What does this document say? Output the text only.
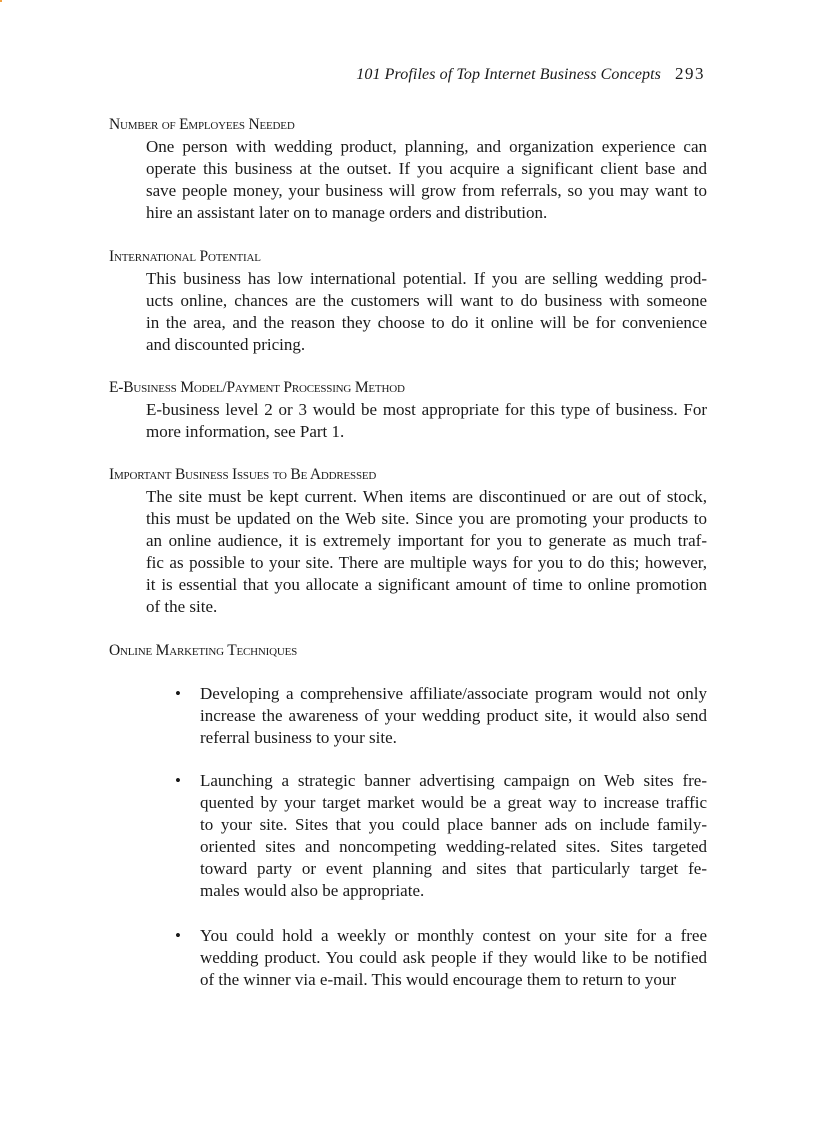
101 Profiles of Top Internet Business Concepts 293
Number of Employees Needed
One person with wedding product, planning, and organization experience can
operate this business at the outset. If you acquire a significant client base and
save people money, your business will grow from referrals, so you may want to
hire an assistant later on to manage orders and distribution.
International Potential
This business has low international potential. If you are selling wedding prod-
ucts online, chances are the customers will want to do business with someone
in the area, and the reason they choose to do it online will be for convenience
and discounted pricing.
E-Business Model/Payment Processing Method
E-business level 2 or 3 would be most appropriate for this type of business. For
more information, see Part 1.
Important Business Issues to Be Addressed
The site must be kept current. When items are discontinued or are out of stock,
this must be updated on the Web site. Since you are promoting your products to
an online audience, it is extremely important for you to generate as much traf-
fic as possible to your site. There are multiple ways for you to do this; however,
it is essential that you allocate a significant amount of time to online promotion
of the site.
Online Marketing Techniques
• Developing a comprehensive affiliate/associate program would not only
increase the awareness of your wedding product site, it would also send
referral business to your site.
• Launching a strategic banner advertising campaign on Web sites fre-
quented by your target market would be a great way to increase traffic
to your site. Sites that you could place banner ads on include family-
oriented sites and noncompeting wedding-related sites. Sites targeted
toward party or event planning and sites that particularly target fe-
males would also be appropriate.
• You could hold a weekly or monthly contest on your site for a free
wedding product. You could ask people if they would like to be notified
of the winner via e-mail. This would encourage them to return to your
